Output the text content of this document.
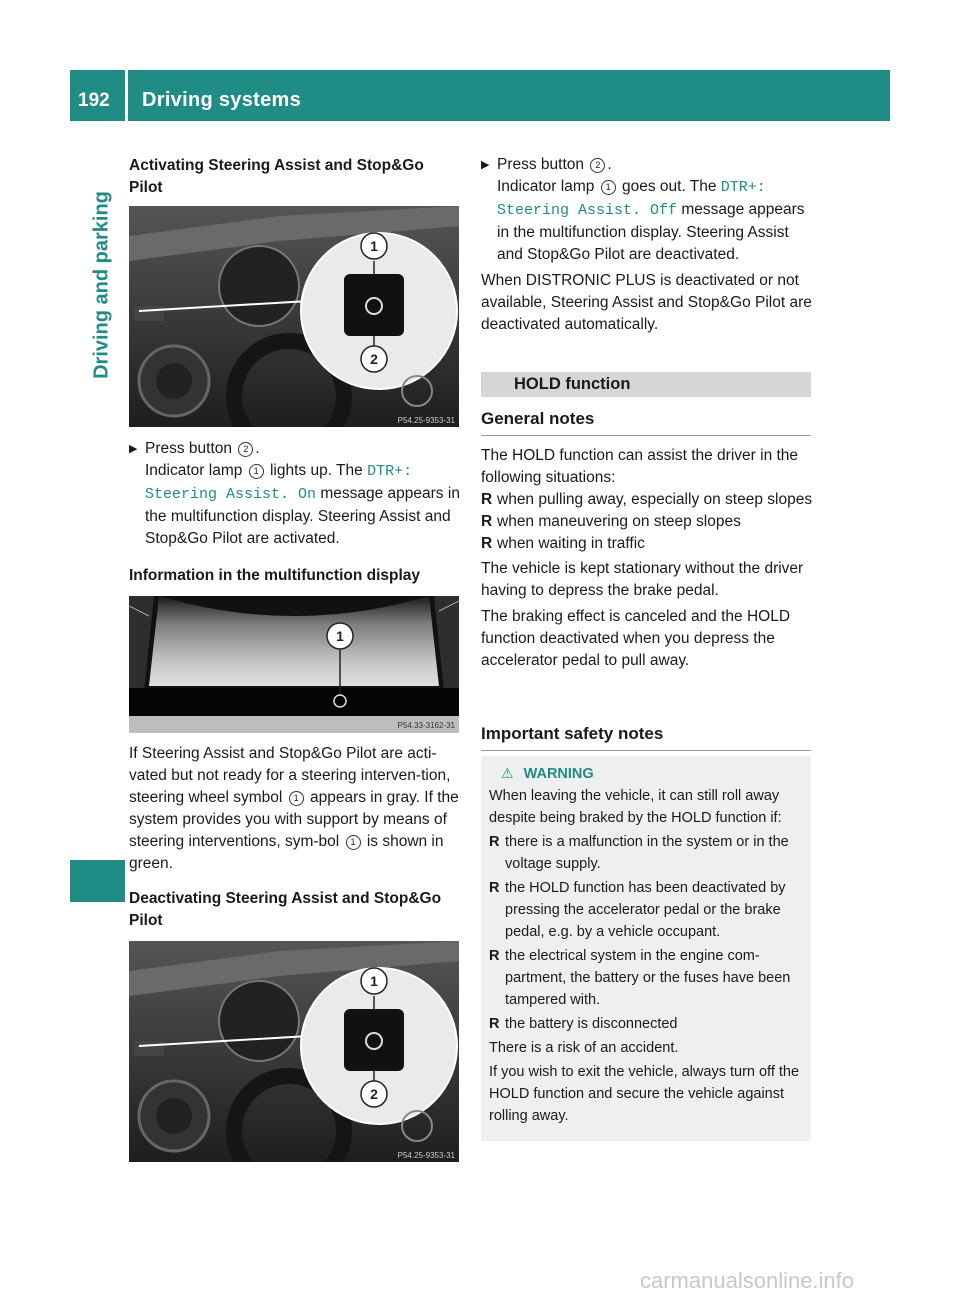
192 Driving systems
Driving and parking
Activating Steering Assist and Stop&Go Pilot
1
2
P54.25-9353-31
▶ Press button 2 .
Indicator lamp 1 lights up. The DTR+:
Steering Assist. On message appears in the multifunction display. Steering Assist and Stop&Go Pilot are activated.
Information in the multifunction display
1
P54.33-3162-31
If Steering Assist and Stop&Go Pilot are acti-vated but not ready for a steering interven-tion, steering wheel symbol 1 appears in gray. If the system provides you with support by means of steering interventions, sym-bol 1 is shown in green.
Deactivating Steering Assist and Stop&Go Pilot
1
2
P54.25-9353-31
▶ Press button 2 .
Indicator lamp 1 goes out. The DTR+:
Steering Assist. Off message appears in the multifunction display. Steering Assist and Stop&Go Pilot are deactivated.
When DISTRONIC PLUS is deactivated or not available, Steering Assist and Stop&Go Pilot are deactivated automatically.
HOLD function
General notes
The HOLD function can assist the driver in the following situations:
R when pulling away, especially on steep slopes
R when maneuvering on steep slopes
R when waiting in traffic
The vehicle is kept stationary without the driver having to depress the brake pedal.
The braking effect is canceled and the HOLD function deactivated when you depress the accelerator pedal to pull away.
Important safety notes
⚠ WARNING
When leaving the vehicle, it can still roll away despite being braked by the HOLD function if:
R there is a malfunction in the system or in the voltage supply.
R the HOLD function has been deactivated by pressing the accelerator pedal or the brake pedal, e.g. by a vehicle occupant.
R the electrical system in the engine com-partment, the battery or the fuses have been tampered with.
R the battery is disconnected
There is a risk of an accident.
If you wish to exit the vehicle, always turn off the HOLD function and secure the vehicle against rolling away.
carmanualsonline.info
